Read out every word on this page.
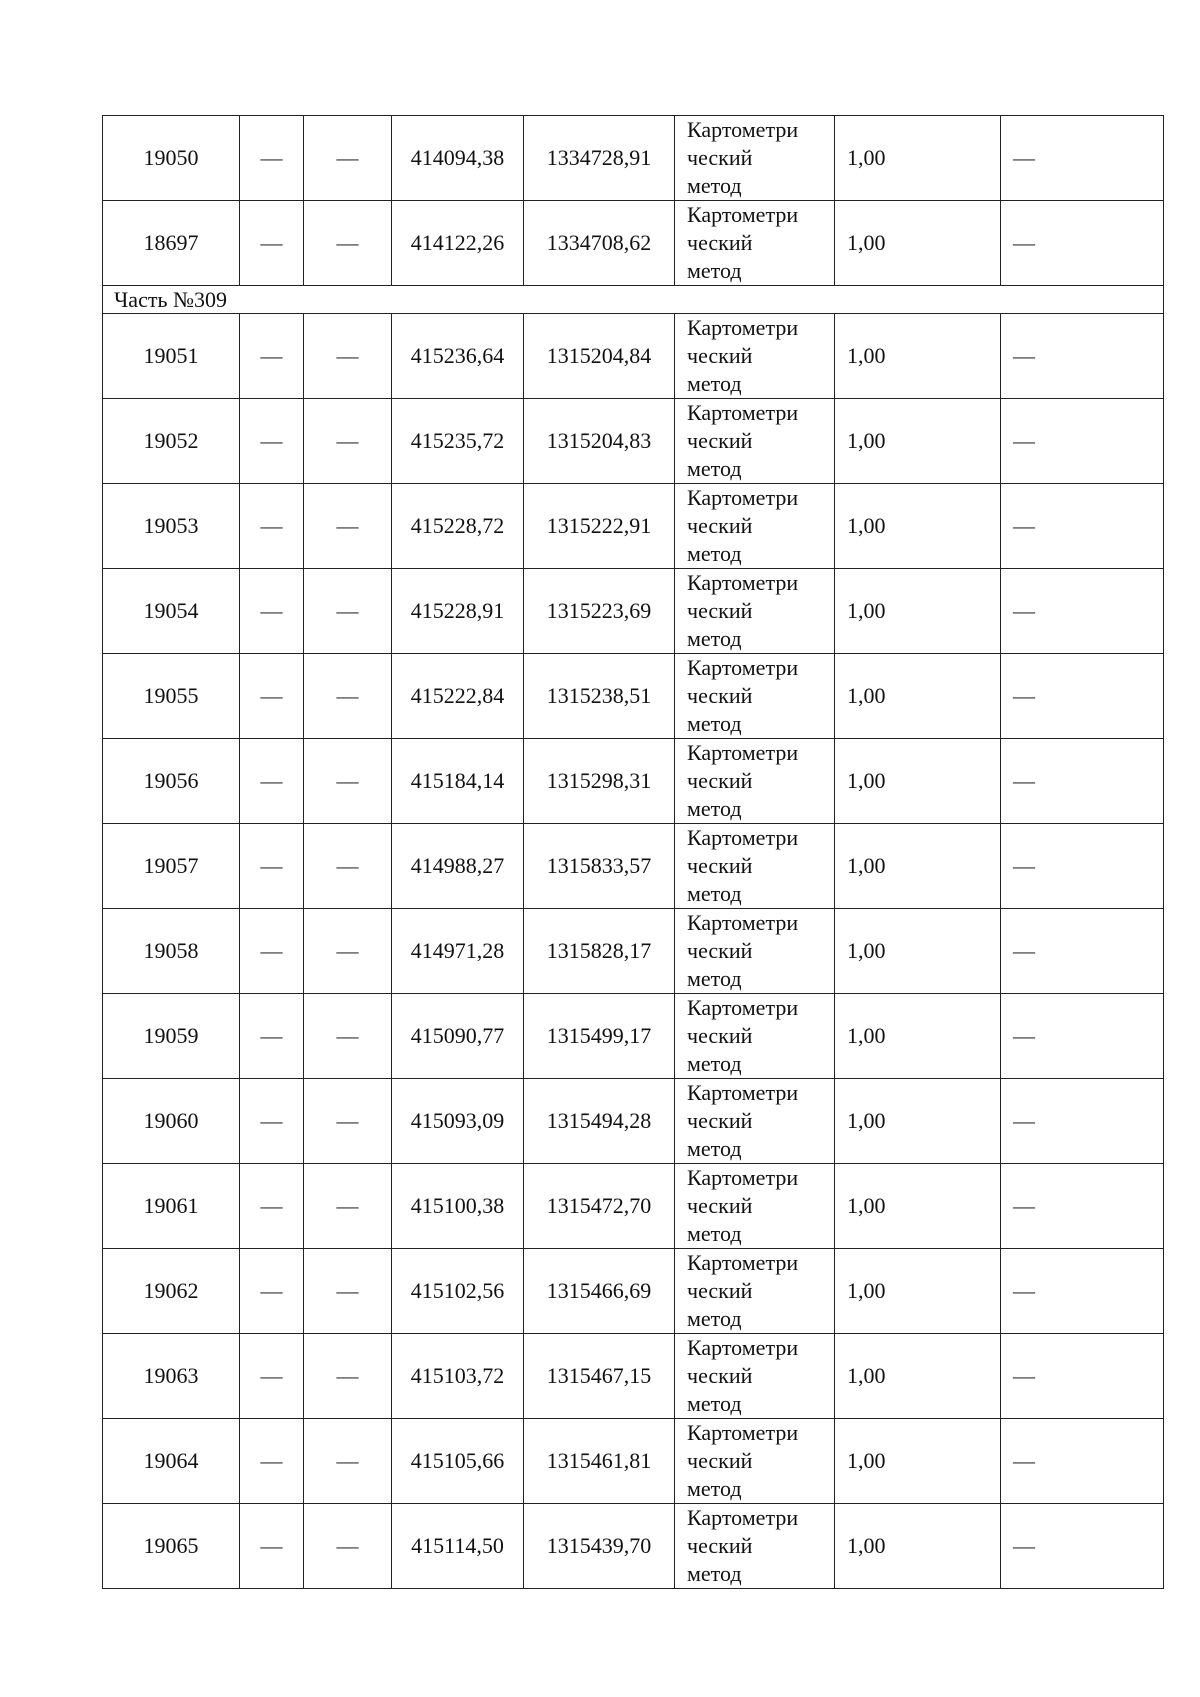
19050	—	—	414094,38	1334728,91	Картометри
ческий
метод	1,00	—
18697	—	—	414122,26	1334708,62	Картометри
ческий
метод	1,00	—
Часть №309							
19051	—	—	415236,64	1315204,84	Картометри
ческий
метод	1,00	—
19052	—	—	415235,72	1315204,83	Картометри
ческий
метод	1,00	—
19053	—	—	415228,72	1315222,91	Картометри
ческий
метод	1,00	—
19054	—	—	415228,91	1315223,69	Картометри
ческий
метод	1,00	—
19055	—	—	415222,84	1315238,51	Картометри
ческий
метод	1,00	—
19056	—	—	415184,14	1315298,31	Картометри
ческий
метод	1,00	—
19057	—	—	414988,27	1315833,57	Картометри
ческий
метод	1,00	—
19058	—	—	414971,28	1315828,17	Картометри
ческий
метод	1,00	—
19059	—	—	415090,77	1315499,17	Картометри
ческий
метод	1,00	—
19060	—	—	415093,09	1315494,28	Картометри
ческий
метод	1,00	—
19061	—	—	415100,38	1315472,70	Картометри
ческий
метод	1,00	—
19062	—	—	415102,56	1315466,69	Картометри
ческий
метод	1,00	—
19063	—	—	415103,72	1315467,15	Картометри
ческий
метод	1,00	—
19064	—	—	415105,66	1315461,81	Картометри
ческий
метод	1,00	—
19065	—	—	415114,50	1315439,70	Картометри
ческий
метод	1,00	—
